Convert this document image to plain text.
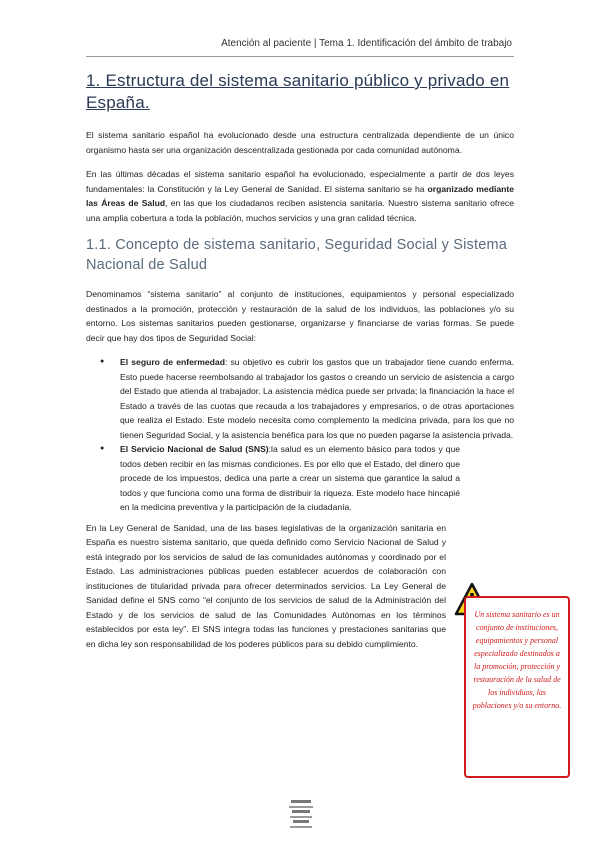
Atención al paciente | Tema 1. Identificación del ámbito de trabajo
1. Estructura del sistema sanitario público y privado en España.

El sistema sanitario español ha evolucionado desde una estructura centralizada dependiente de un único organismo hasta ser una organización descentralizada gestionada por cada comunidad autónoma.

En las últimas décadas el sistema sanitario español ha evolucionado, especialmente a partir de dos leyes fundamentales: la Constitución y la Ley General de Sanidad. El sistema sanitario se ha organizado mediante las Áreas de Salud, en las que los ciudadanos reciben asistencia sanitaria. Nuestro sistema sanitario ofrece una amplia cobertura a toda la población, muchos servicios y una gran calidad técnica.

1.1. Concepto de sistema sanitario, Seguridad Social y Sistema Nacional de Salud

Denominamos “sistema sanitario” al conjunto de instituciones, equipamientos y personal especializado destinados a la promoción, protección y restauración de la salud de los individuos, las poblaciones y/o su entorno. Los sistemas sanitarios pueden gestionarse, organizarse y financiarse de varias formas. Se puede decir que hay dos tipos de Seguridad Social:

● El seguro de enfermedad: su objetivo es cubrir los gastos que un trabajador tiene cuando enferma. Esto puede hacerse reembolsando al trabajador los gastos o creando un servicio de asistencia a cargo del Estado que atienda al trabajador. La asistencia médica puede ser privada; la financiación la hace el Estado a través de las cuotas que recauda a los trabajadores y empresarios, o de otras aportaciones que realiza el Estado. Este modelo necesita como complemento la medicina privada, para los que no tienen Seguridad Social, y la asistencia benéfica para los que no pueden pagarse la asistencia privada.
● El Servicio Nacional de Salud (SNS):la salud es un elemento básico para todos y que todos deben recibir en las mismas condiciones. Es por ello que el Estado, del dinero que procede de los impuestos, dedica una parte a crear un sistema que garantice la salud a todos y que funciona como una forma de distribuir la riqueza. Este modelo hace hincapié en la medicina preventiva y la participación de la ciudadanía.

En la Ley General de Sanidad, una de las bases legislativas de la organización sanitaria en España es nuestro sistema sanitario, que queda definido como Servicio Nacional de Salud y está integrado por los servicios de salud de las comunidades autónomas y coordinado por el Estado. Las administraciones públicas pueden establecer acuerdos de colaboración con instituciones de titularidad privada para ofrecer determinados servicios. La Ley General de Sanidad define el SNS como “el conjunto de los servicios de salud de la Administración del Estado y de los servicios de salud de las Comunidades Autónomas en los términos establecidos por esta ley”. El SNS integra todas las funciones y prestaciones sanitarias que en dicha ley son responsabilidad de los poderes públicos para su debido cumplimiento.

Un sistema sanitario es un conjunto de instituciones, equipamientos y personal especializado destinados a la promoción, protección y restauración de la salud de los individuos, las poblaciones y/o su entorno.
